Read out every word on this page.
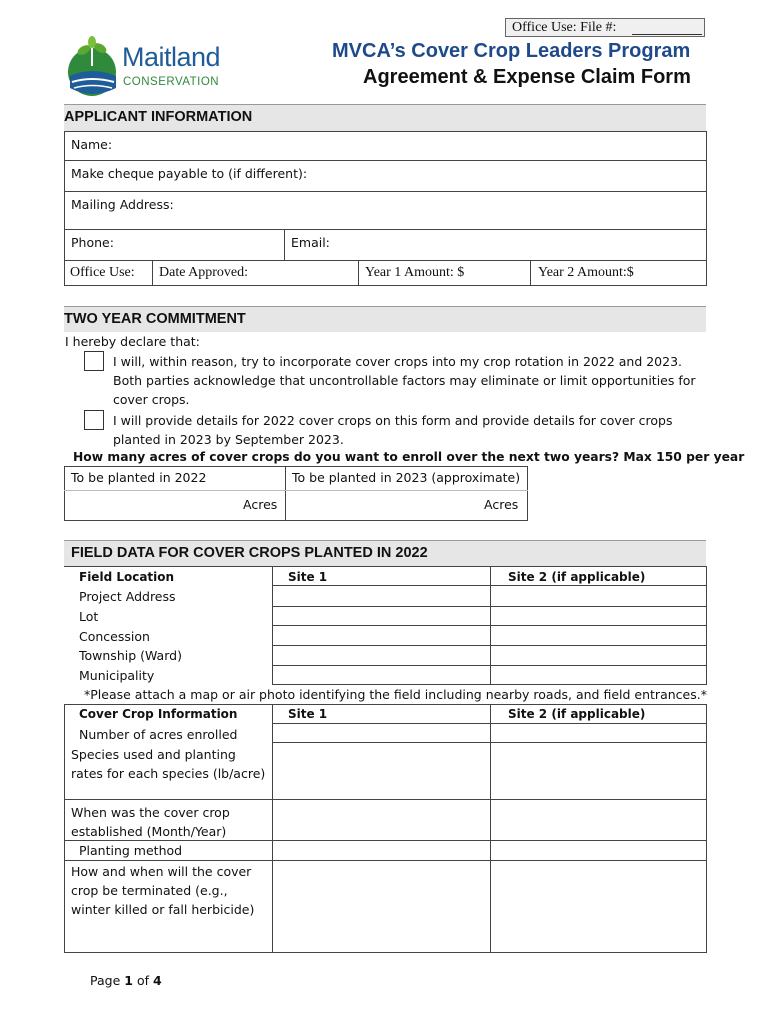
Office Use: File #:
Maitland
CONSERVATION
MVCA’s Cover Crop Leaders Program
Agreement & Expense Claim Form
APPLICANT INFORMATION
Name:
Make cheque payable to (if different):
Mailing Address:
Phone:	Email:
Office Use: Date Approved:	Year 1 Amount: $	Year 2 Amount:$
TWO YEAR COMMITMENT
I hereby declare that:
I will, within reason, try to incorporate cover crops into my crop rotation in 2022 and 2023. Both parties acknowledge that uncontrollable factors may eliminate or limit opportunities for cover crops.
I will provide details for 2022 cover crops on this form and provide details for cover crops planted in 2023 by September 2023.
How many acres of cover crops do you want to enroll over the next two years? Max 150 per year
To be planted in 2022	To be planted in 2023 (approximate)
Acres	Acres
FIELD DATA FOR COVER CROPS PLANTED IN 2022
Field Location	Site 1	Site 2 (if applicable)
Project Address
Lot
Concession
Township (Ward)
Municipality
*Please attach a map or air photo identifying the field including nearby roads, and field entrances.*
Cover Crop Information	Site 1	Site 2 (if applicable)
Number of acres enrolled
Species used and planting rates for each species (lb/acre)
When was the cover crop established (Month/Year)
Planting method
How and when will the cover crop be terminated (e.g., winter killed or fall herbicide)
Page 1 of 4
